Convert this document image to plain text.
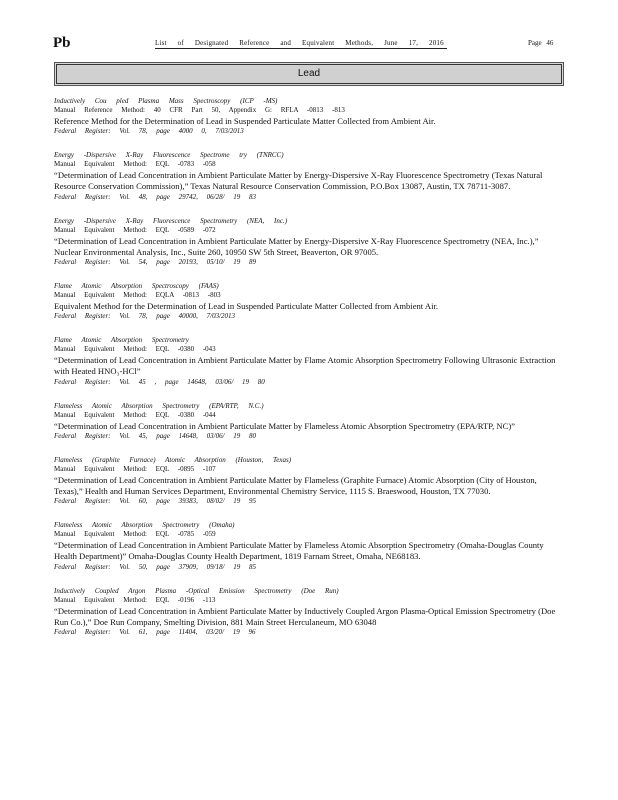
Pb	List of Designated Reference and Equivalent Methods, June 17, 2016	Page 46
Lead
Inductively Cou pled Plasma Mass Spectroscopy (ICP -MS)
Manual Reference Method: 40 CFR Part 50, Appendix G: RFLA -0813 -813

Reference Method for the Determination of Lead in Suspended Particulate Matter Collected from Ambient Air.

Federal Register: Vol. 78, page 4000 0, 7/03/2013
Energy -Dispersive X-Ray Fluorescence Spectrome try (TNRCC)
Manual Equivalent Method: EQL -0783 -058

“Determination of Lead Concentration in Ambient Particulate Matter by Energy-Dispersive X-Ray Fluorescence Spectrometry (Texas Natural Resource Conservation Commission),” Texas Natural Resource Conservation Commission, P.O.Box 13087, Austin, TX 78711-3087.

Federal Register: Vol. 48, page 29742, 06/28/ 19 83
Energy -Dispersive X-Ray Fluorescence Spectrometry (NEA, Inc.)
Manual Equivalent Method: EQL -0589 -072

“Determination of Lead Concentration in Ambient Particulate Matter by Energy-Dispersive X-Ray Fluorescence Spectrometry (NEA, Inc.),” Nuclear Environmental Analysis, Inc., Suite 260, 10950 SW 5th Street, Beaverton, OR 97005.

Federal Register: Vol. 54, page 20193, 05/10/ 19 89
Flame Atomic Absorption Spectroscopy (FAAS)
Manual Equivalent Method: EQLA -0813 -803

Equivalent Method for the Determination of Lead in Suspended Particulate Matter Collected from Ambient Air.

Federal Register: Vol. 78, page 40000, 7/03/2013
Flame Atomic Absorption Spectrometry
Manual Equivalent Method: EQL -0380 -043

“Determination of Lead Concentration in Ambient Particulate Matter by Flame Atomic Absorption Spectrometry Following Ultrasonic Extraction with Heated HNO₃-HCl”

Federal Register: Vol. 45 , page 14648, 03/06/ 19 80
Flameless Atomic Absorption Spectrometry (EPA/RTP, N.C.)
Manual Equivalent Method: EQL -0380 -044

“Determination of Lead Concentration in Ambient Particulate Matter by Flameless Atomic Absorption Spectrometry (EPA/RTP, NC)”

Federal Register: Vol. 45, page 14648, 03/06/ 19 80
Flameless (Graphite Furnace) Atomic Absorption (Houston, Texas)
Manual Equivalent Method: EQL -0895 -107

“Determination of Lead Concentration in Ambient Particulate Matter by Flameless (Graphite Furnace) Atomic Absorption (City of Houston, Texas),” Health and Human Services Department, Environmental Chemistry Service, 1115 S. Braeswood, Houston, TX 77030.

Federal Register: Vol. 60, page 39383, 08/02/ 19 95
Flameless Atomic Absorption Spectrometry (Omaha)
Manual Equivalent Method: EQL -0785 -059

“Determination of Lead Concentration in Ambient Particulate Matter by Flameless Atomic Absorption Spectrometry (Omaha-Douglas County Health Department)” Omaha-Douglas County Health Department, 1819 Farnam Street, Omaha, NE68183.

Federal Register: Vol. 50, page 37909, 09/18/ 19 85
Inductively Coupled Argon Plasma -Optical Emission Spectrometry (Doe Run)
Manual Equivalent Method: EQL -0196 -113

“Determination of Lead Concentration in Ambient Particulate Matter by Inductively Coupled Argon Plasma-Optical Emission Spectrometry (Doe Run Co.),” Doe Run Company, Smelting Division, 881 Main Street Herculaneum, MO 63048

Federal Register: Vol. 61, page 11404, 03/20/ 19 96
